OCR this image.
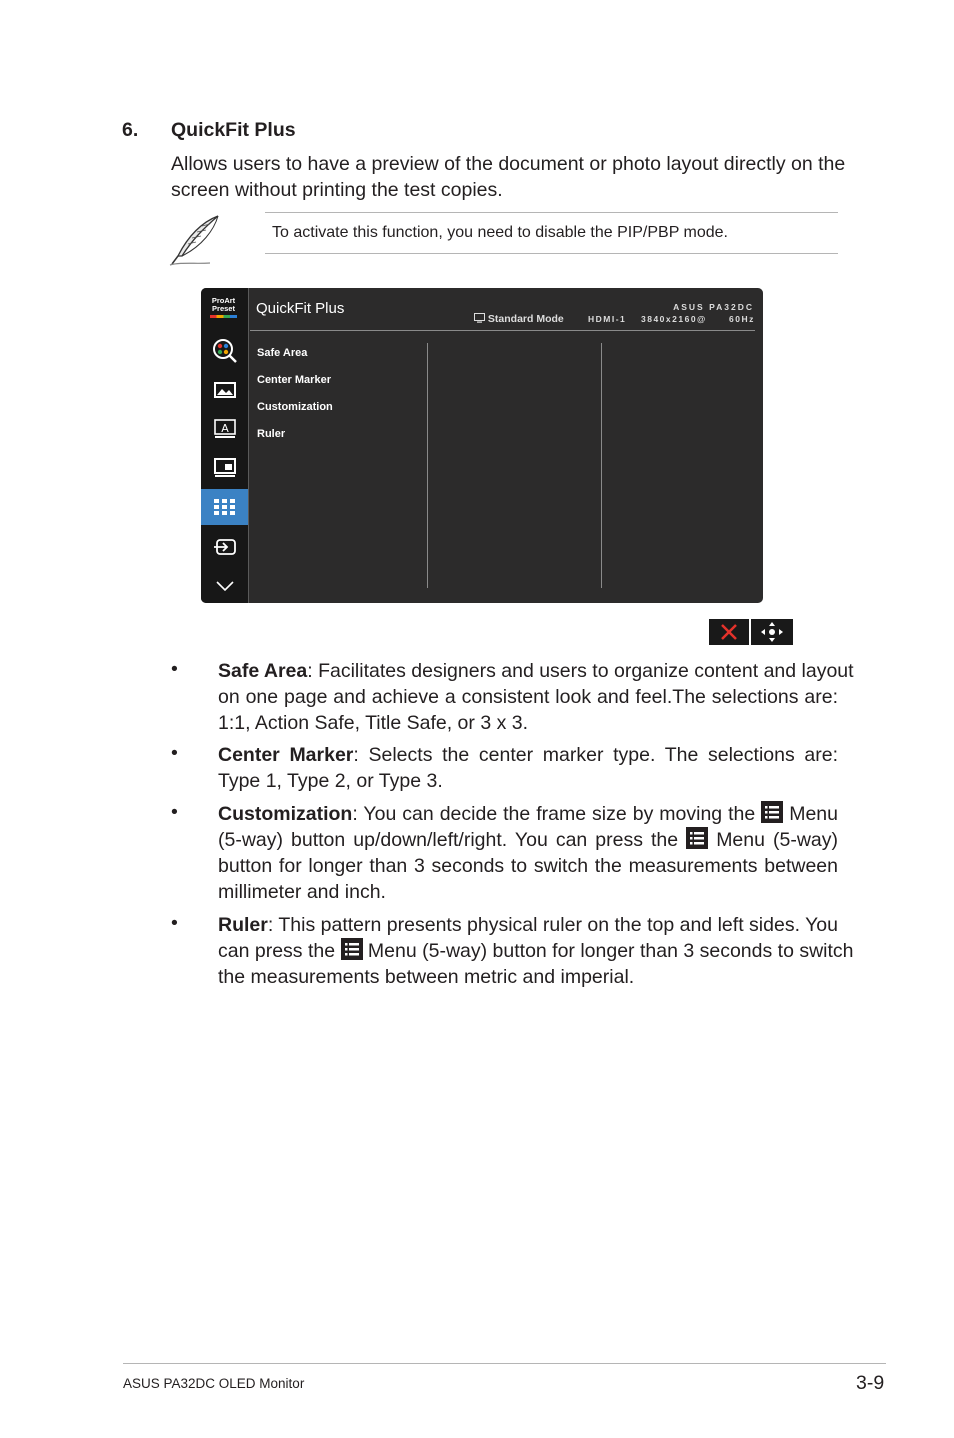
6. QuickFit Plus
Allows users to have a preview of the document or photo layout directly on the screen without printing the test copies.
To activate this function, you need to disable the PIP/PBP mode.
ProArt
Preset
A
QuickFit Plus	ASUS PA32DC
Standard Mode	HDMI-1 3840x2160@	60Hz
Safe Area
Center Marker
Customization
Ruler
• Safe Area: Facilitates designers and users to organize content and layout
on one page and achieve a consistent look and feel.The selections are:
1:1, Action Safe, Title Safe, or 3 x 3.
• Center Marker: Selects the center marker type. The selections are:
Type 1, Type 2, or Type 3.
• Customization: You can decide the frame size by moving the Menu
(5-way) button up/down/left/right. You can press the Menu (5-way)
button for longer than 3 seconds to switch the measurements between
millimeter and inch.
• Ruler: This pattern presents physical ruler on the top and left sides. You
can press the Menu (5-way) button for longer than 3 seconds to switch
the measurements between metric and imperial.
ASUS PA32DC OLED Monitor	3-9
